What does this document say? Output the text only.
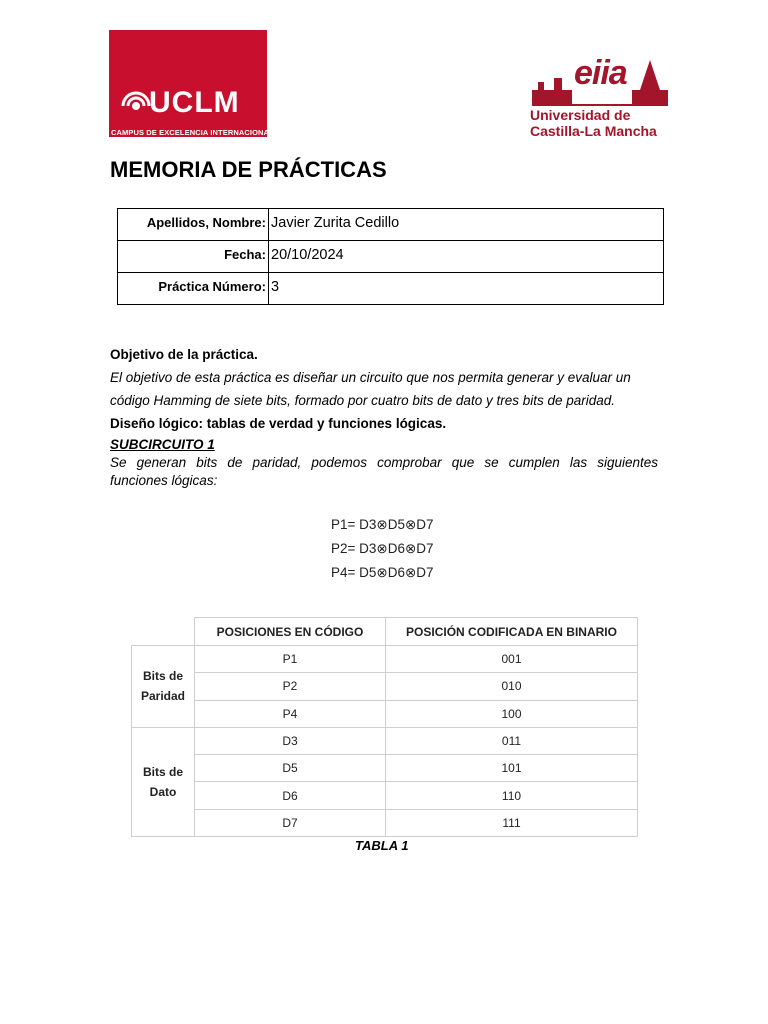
UCLM
CAMPUS DE EXCELENCIA INTERNACIONAL
eiia
Universidad de
Castilla-La Mancha
MEMORIA DE PRÁCTICAS
Apellidos, Nombre:	Javier Zurita Cedillo
Fecha:	20/10/2024
Práctica Número:	3
Objetivo de la práctica.
El objetivo de esta práctica es diseñar un circuito que nos permita generar y evaluar un
código Hamming de siete bits, formado por cuatro bits de dato y tres bits de paridad.
Diseño lógico: tablas de verdad y funciones lógicas.
SUBCIRCUITO 1
Se generan bits de paridad, podemos comprobar que se cumplen las siguientes
funciones lógicas:
P1= D3⊗D5⊗D7
P2= D3⊗D6⊗D7
P4= D5⊗D6⊗D7
	POSICIONES EN CÓDIGO	POSICIÓN CODIFICADA EN BINARIO
Bits de Paridad	P1	001
	P2	010
	P4	100
Bits de Dato	D3	011
	D5	101
	D6	110
	D7	111
TABLA 1
